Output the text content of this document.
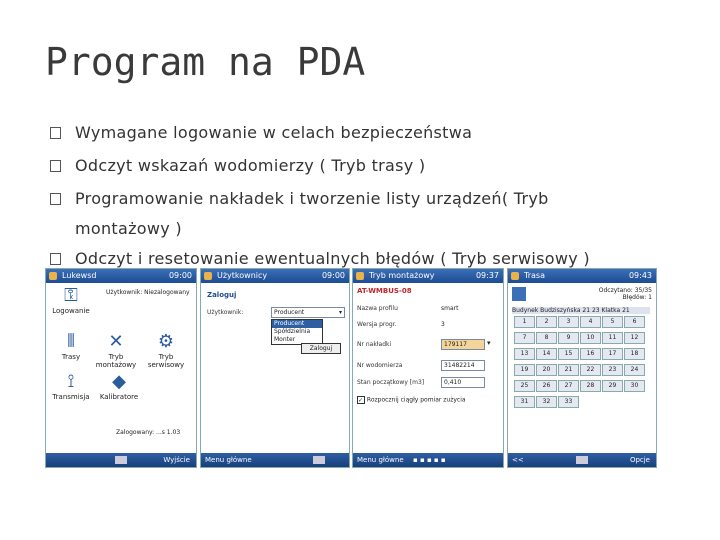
Program na PDA
Wymagane logowanie w celach bezpieczeństwa
Odczyt wskazań wodomierzy ( Tryb trasy )
Programowanie nakładek i tworzenie listy urządzeń( Tryb
montażowy )
Odczyt i resetowanie ewentualnych błędów ( Tryb serwisowy )
Lukewsd	09:00
Użytkownik: Niezalogowany
⚿
Logowanie
⫴
Trasy
✕
Tryb montażowy
⚙
Tryb serwisowy
⟟
Transmisja
◆
Kalibratore
Zalogowany: ...s 1.03
Wyjście
Użytkownicy	09:00
Zaloguj
Użytkownik:	Producent	▾
Producent
Spółdzielnia
Monter
Zaloguj
Menu główne
Tryb montażowy	09:37
AT-WMBUS-08
Nazwa profilu	smart
Wersja progr.	3
Nr nakładki	179117	▾
Nr wodomierza	31482214
Stan początkowy [m3]	0,410
✓ Rozpocznij ciągły pomiar zużycia
Menu główne ▪ ▪ ▪ ▪ ▪
Trasa	09:43
Odczytano: 35/35
Błędów: 1
Budynek Budziszyńska 21 23 Klatka 21
1	2	3	4	5	6
7	8	9	10	11	12
13	14	15	16	17	18
19	20	21	22	23	24
25	26	27	28	29	30
31	32	33
<<	Opcje
